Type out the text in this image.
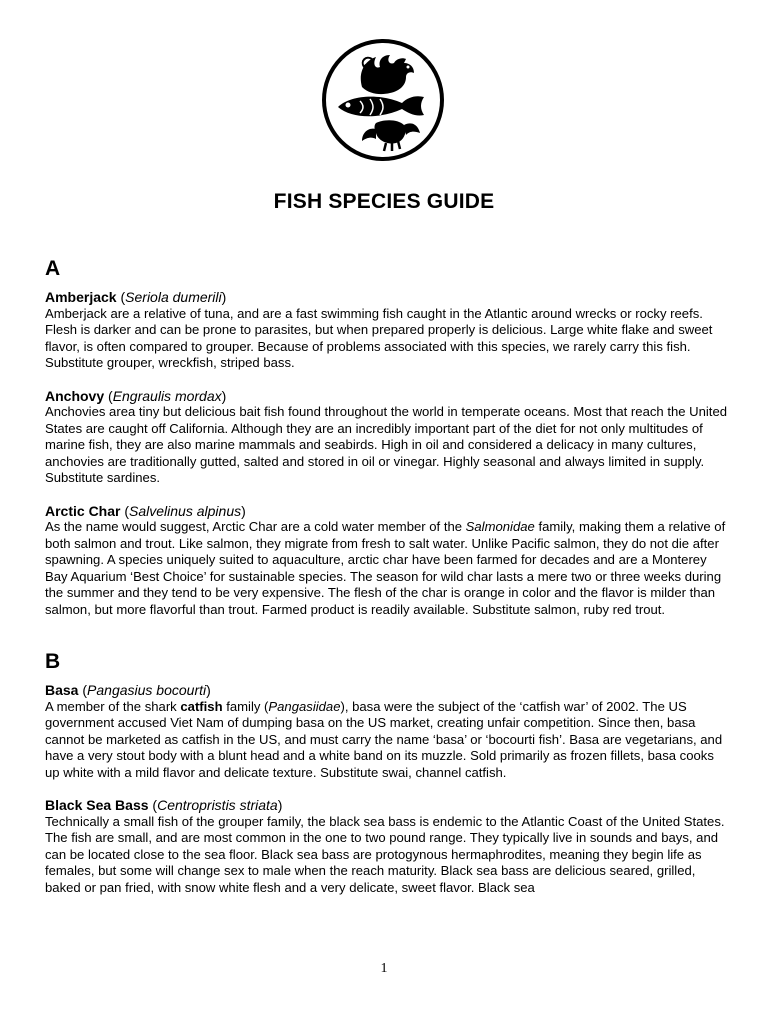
FISH SPECIES GUIDE
A
Amberjack (Seriola dumerili)

Amberjack are a relative of tuna, and are a fast swimming fish caught in the Atlantic around wrecks or rocky reefs. Flesh is darker and can be prone to parasites, but when prepared properly is delicious. Large white flake and sweet flavor, is often compared to grouper. Because of problems associated with this species, we rarely carry this fish. Substitute grouper, wreckfish, striped bass.

Anchovy (Engraulis mordax)

Anchovies area tiny but delicious bait fish found throughout the world in temperate oceans. Most that reach the United States are caught off California. Although they are an incredibly important part of the diet for not only multitudes of marine fish, they are also marine mammals and seabirds. High in oil and considered a delicacy in many cultures, anchovies are traditionally gutted, salted and stored in oil or vinegar. Highly seasonal and always limited in supply. Substitute sardines.

Arctic Char (Salvelinus alpinus)

As the name would suggest, Arctic Char are a cold water member of the Salmonidae family, making them a relative of both salmon and trout. Like salmon, they migrate from fresh to salt water. Unlike Pacific salmon, they do not die after spawning. A species uniquely suited to aquaculture, arctic char have been farmed for decades and are a Monterey Bay Aquarium ‘Best Choice’ for sustainable species. The season for wild char lasts a mere two or three weeks during the summer and they tend to be very expensive. The flesh of the char is orange in color and the flavor is milder than salmon, but more flavorful than trout. Farmed product is readily available. Substitute salmon, ruby red trout.

B
Basa (Pangasius bocourti)

A member of the shark catfish family (Pangasiidae), basa were the subject of the ‘catfish war’ of 2002. The US government accused Viet Nam of dumping basa on the US market, creating unfair competition. Since then, basa cannot be marketed as catfish in the US, and must carry the name ‘basa’ or ‘bocourti fish’. Basa are vegetarians, and have a very stout body with a blunt head and a white band on its muzzle. Sold primarily as frozen fillets, basa cooks up white with a mild flavor and delicate texture. Substitute swai, channel catfish.

Black Sea Bass (Centropristis striata)

Technically a small fish of the grouper family, the black sea bass is endemic to the Atlantic Coast of the United States. The fish are small, and are most common in the one to two pound range. They typically live in sounds and bays, and can be located close to the sea floor. Black sea bass are protogynous hermaphrodites, meaning they begin life as females, but some will change sex to male when the reach maturity. Black sea bass are delicious seared, grilled, baked or pan fried, with snow white flesh and a very delicate, sweet flavor. Black sea

1
